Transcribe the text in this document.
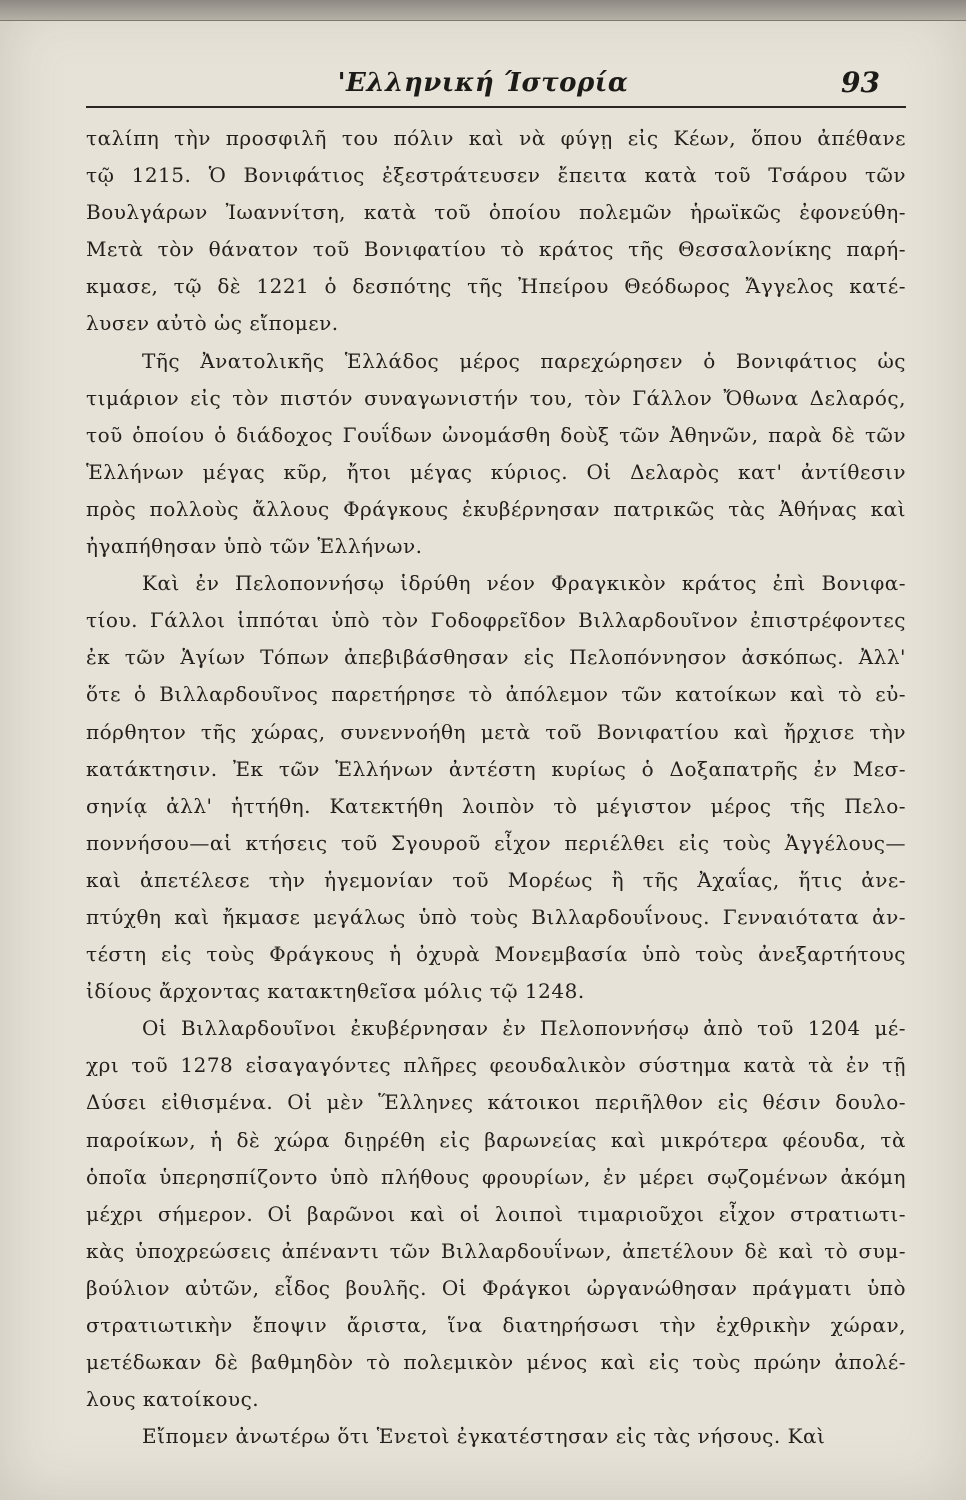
'Ελληνική Ίστορία	93
ταλίπη τὴν προσφιλῆ του πόλιν καὶ νὰ φύγῃ εἰς Κέων, ὅπου ἀπέθανε
τῷ 1215. Ὁ Βονιφάτιος ἐξεστράτευσεν ἔπειτα κατὰ τοῦ Τσάρου τῶν
Βουλγάρων Ἰωαννίτση, κατὰ τοῦ ὁποίου πολεμῶν ἡρωϊκῶς ἐφονεύθη-
Μετὰ τὸν θάνατον τοῦ Βονιφατίου τὸ κράτος τῆς Θεσσαλονίκης παρή-
κμασε, τῷ δὲ 1221 ὁ δεσπότης τῆς Ἠπείρου Θεόδωρος Ἄγγελος κατέ-
λυσεν αὐτὸ ὡς εἴπομεν.
Τῆς Ἀνατολικῆς Ἑλλάδος μέρος παρεχώρησεν ὁ Βονιφάτιος ὡς
τιμάριον εἰς τὸν πιστόν συναγωνιστήν του, τὸν Γάλλον Ὄθωνα Δελαρός,
τοῦ ὁποίου ὁ διάδοχος Γουΐδων ὠνομάσθη δοὺξ τῶν Ἀθηνῶν, παρὰ δὲ τῶν
Ἑλλήνων μέγας κῦρ, ἤτοι μέγας κύριος. Οἱ Δελαρὸς κατ' ἀντίθεσιν
πρὸς πολλοὺς ἄλλους Φράγκους ἐκυβέρνησαν πατρικῶς τὰς Ἀθήνας καὶ
ἠγαπήθησαν ὑπὸ τῶν Ἑλλήνων.
Καὶ ἐν Πελοποννήσῳ ἱδρύθη νέον Φραγκικὸν κράτος ἐπὶ Βονιφα-
τίου. Γάλλοι ἱππόται ὑπὸ τὸν Γοδοφρεῖδον Βιλλαρδουῖνον ἐπιστρέφοντες
ἐκ τῶν Ἁγίων Τόπων ἀπεβιβάσθησαν εἰς Πελοπόννησον ἀσκόπως. Ἀλλ'
ὅτε ὁ Βιλλαρδουῖνος παρετήρησε τὸ ἀπόλεμον τῶν κατοίκων καὶ τὸ εὐ-
πόρθητον τῆς χώρας, συνεννοήθη μετὰ τοῦ Βονιφατίου καὶ ἤρχισε τὴν
κατάκτησιν. Ἐκ τῶν Ἑλλήνων ἀντέστη κυρίως ὁ Δοξαπατρῆς ἐν Μεσ-
σηνίᾳ ἀλλ' ἡττήθη. Κατεκτήθη λοιπὸν τὸ μέγιστον μέρος τῆς Πελο-
ποννήσου—αἱ κτήσεις τοῦ Σγουροῦ εἶχον περιέλθει εἰς τοὺς Ἀγγέλους—
καὶ ἀπετέλεσε τὴν ἡγεμονίαν τοῦ Μορέως ἢ τῆς Ἀχαΐας, ἥτις ἀνε-
πτύχθη καὶ ἤκμασε μεγάλως ὑπὸ τοὺς Βιλλαρδουΐνους. Γενναιότατα ἀν-
τέστη εἰς τοὺς Φράγκους ἡ ὀχυρὰ Μονεμβασία ὑπὸ τοὺς ἀνεξαρτήτους
ἰδίους ἄρχοντας κατακτηθεῖσα μόλις τῷ 1248.
Οἱ Βιλλαρδουῖνοι ἐκυβέρνησαν ἐν Πελοποννήσῳ ἀπὸ τοῦ 1204 μέ-
χρι τοῦ 1278 εἰσαγαγόντες πλῆρες φεουδαλικὸν σύστημα κατὰ τὰ ἐν τῇ
Δύσει εἰθισμένα. Οἱ μὲν Ἕλληνες κάτοικοι περιῆλθον εἰς θέσιν δουλο-
παροίκων, ἡ δὲ χώρα διῃρέθη εἰς βαρωνείας καὶ μικρότερα φέουδα, τὰ
ὁποῖα ὑπερησπίζοντο ὑπὸ πλήθους φρουρίων, ἐν μέρει σῳζομένων ἀκόμη
μέχρι σήμερον. Οἱ βαρῶνοι καὶ οἱ λοιποὶ τιμαριοῦχοι εἶχον στρατιωτι-
κὰς ὑποχρεώσεις ἀπέναντι τῶν Βιλλαρδουΐνων, ἀπετέλουν δὲ καὶ τὸ συμ-
βούλιον αὐτῶν, εἶδος βουλῆς. Οἱ Φράγκοι ὠργανώθησαν πράγματι ὑπὸ
στρατιωτικὴν ἔποψιν ἄριστα, ἵνα διατηρήσωσι τὴν ἐχθρικὴν χώραν,
μετέδωκαν δὲ βαθμηδὸν τὸ πολεμικὸν μένος καὶ εἰς τοὺς πρώην ἀπολέ-
λους κατοίκους.
Εἴπομεν ἀνωτέρω ὅτι Ἑνετοὶ ἐγκατέστησαν εἰς τὰς νήσους. Καὶ
